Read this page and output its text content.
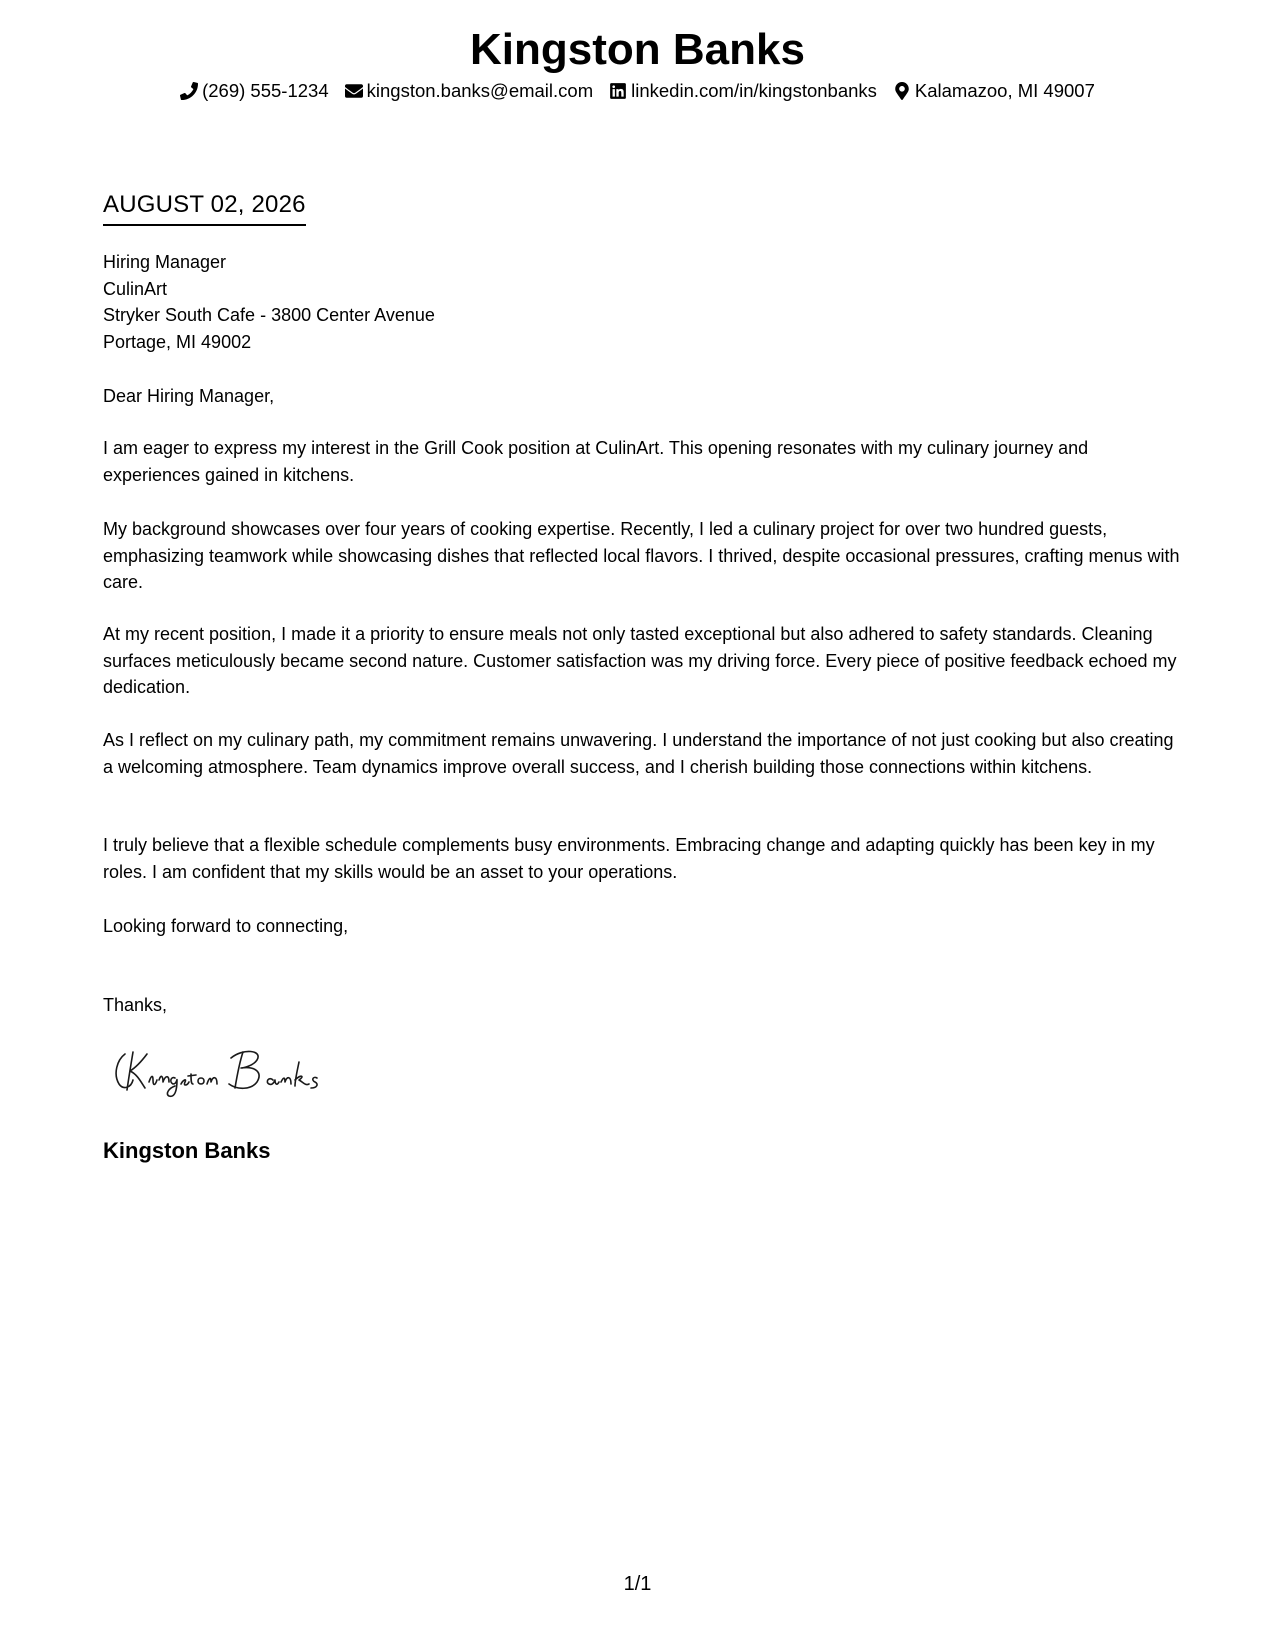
Kingston Banks
(269) 555-1234 kingston.banks@email.com linkedin.com/in/kingstonbanks Kalamazoo, MI 49007
AUGUST 02, 2026
Hiring Manager
CulinArt
Stryker South Cafe - 3800 Center Avenue
Portage, MI 49002

Dear Hiring Manager,

I am eager to express my interest in the Grill Cook position at CulinArt. This opening resonates with my culinary journey and experiences gained in kitchens.

My background showcases over four years of cooking expertise. Recently, I led a culinary project for over two hundred guests, emphasizing teamwork while showcasing dishes that reflected local flavors. I thrived, despite occasional pressures, crafting menus with care.

At my recent position, I made it a priority to ensure meals not only tasted exceptional but also adhered to safety standards. Cleaning surfaces meticulously became second nature. Customer satisfaction was my driving force. Every piece of positive feedback echoed my dedication.

As I reflect on my culinary path, my commitment remains unwavering. I understand the importance of not just cooking but also creating a welcoming atmosphere. Team dynamics improve overall success, and I cherish building those connections within kitchens.

I truly believe that a flexible schedule complements busy environments. Embracing change and adapting quickly has been key in my roles. I am confident that my skills would be an asset to your operations.

Looking forward to connecting,

Thanks,

Kingston Banks
Kingston Banks
1/1
